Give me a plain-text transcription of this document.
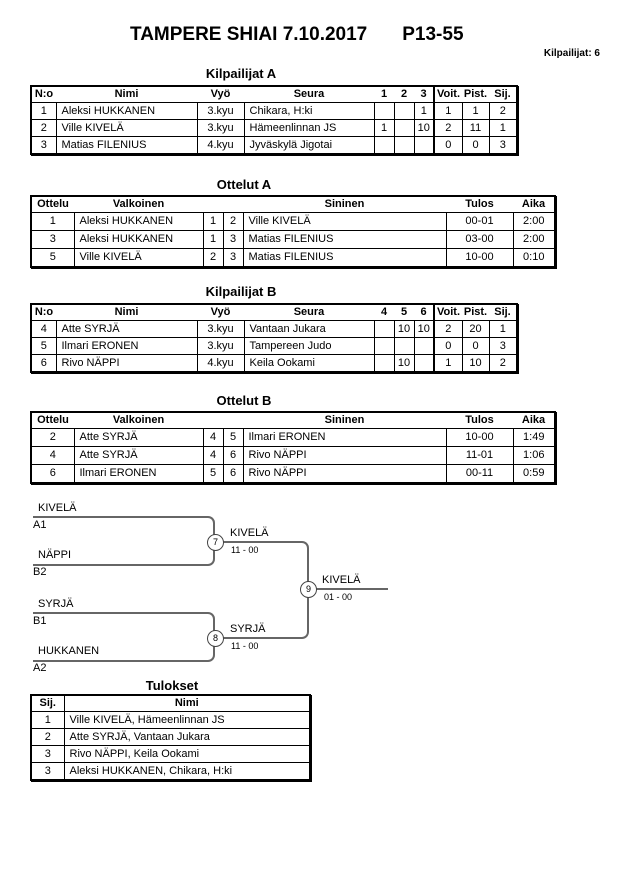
TAMPERE SHIAI 7.10.2017 P13-55
Kilpailijat: 6
Kilpailijat A
N:o	Nimi	Vyö	Seura	1	2	3	Voit.	Pist.	Sij.
1	Aleksi HUKKANEN	3.kyu	Chikara, H:ki			1	1	1	2
2	Ville KIVELÄ	3.kyu	Hämeenlinnan JS	1		10	2	11	1
3	Matias FILENIUS	4.kyu	Jyväskylä Jigotai				0	0	3
Ottelut A
Ottelu	Valkoinen			Sininen	Tulos	Aika
1	Aleksi HUKKANEN	1	2	Ville KIVELÄ	00-01	2:00
3	Aleksi HUKKANEN	1	3	Matias FILENIUS	03-00	2:00
5	Ville KIVELÄ	2	3	Matias FILENIUS	10-00	0:10
Kilpailijat B
N:o	Nimi	Vyö	Seura	4	5	6	Voit.	Pist.	Sij.
4	Atte SYRJÄ	3.kyu	Vantaan Jukara		10	10	2	20	1
5	Ilmari ERONEN	3.kyu	Tampereen Judo				0	0	3
6	Rivo NÄPPI	4.kyu	Keila Ookami		10		1	10	2
Ottelut B
Ottelu	Valkoinen			Sininen	Tulos	Aika
2	Atte SYRJÄ	4	5	Ilmari ERONEN	10-00	1:49
4	Atte SYRJÄ	4	6	Rivo NÄPPI	11-01	1:06
6	Ilmari ERONEN	5	6	Rivo NÄPPI	00-11	0:59
KIVELÄ
A1
NÄPPI
B2
SYRJÄ
B1
HUKKANEN
A2
7
KIVELÄ
11 - 00
8
SYRJÄ
11 - 00
9
KIVELÄ
01 - 00
Tulokset
Sij.	Nimi
1	Ville KIVELÄ, Hämeenlinnan JS
2	Atte SYRJÄ, Vantaan Jukara
3	Rivo NÄPPI, Keila Ookami
3	Aleksi HUKKANEN, Chikara, H:ki
